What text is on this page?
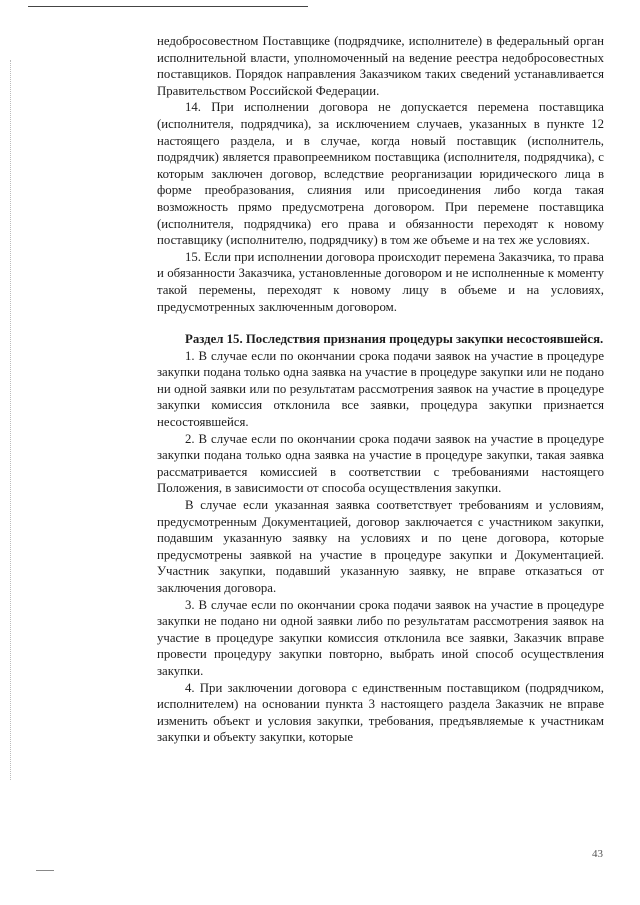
недобросовестном Поставщике (подрядчике, исполнителе) в федеральный орган исполнительной власти, уполномоченный на ведение реестра недобросовестных поставщиков. Порядок направления Заказчиком таких сведений устанавливается Правительством Российской Федерации.

14. При исполнении договора не допускается перемена поставщика (исполнителя, подрядчика), за исключением случаев, указанных в пункте 12 настоящего раздела, и в случае, когда новый поставщик (исполнитель, подрядчик) является правопреемником поставщика (исполнителя, подрядчика), с которым заключен договор, вследствие реорганизации юридического лица в форме преобразования, слияния или присоединения либо когда такая возможность прямо предусмотрена договором. При перемене поставщика (исполнителя, подрядчика) его права и обязанности переходят к новому поставщику (исполнителю, подрядчику) в том же объеме и на тех же условиях.

15. Если при исполнении договора происходит перемена Заказчика, то права и обязанности Заказчика, установленные договором и не исполненные к моменту такой перемены, переходят к новому лицу в объеме и на условиях, предусмотренных заключенным договором.

Раздел 15. Последствия признания процедуры закупки несостоявшейся.

1. В случае если по окончании срока подачи заявок на участие в процедуре закупки подана только одна заявка на участие в процедуре закупки или не подано ни одной заявки или по результатам рассмотрения заявок на участие в процедуре закупки комиссия отклонила все заявки, процедура закупки признается несостоявшейся.

2. В случае если по окончании срока подачи заявок на участие в процедуре закупки подана только одна заявка на участие в процедуре закупки, такая заявка рассматривается комиссией в соответствии с требованиями настоящего Положения, в зависимости от способа осуществления закупки.

В случае если указанная заявка соответствует требованиям и условиям, предусмотренным Документацией, договор заключается с участником закупки, подавшим указанную заявку на условиях и по цене договора, которые предусмотрены заявкой на участие в процедуре закупки и Документацией. Участник закупки, подавший указанную заявку, не вправе отказаться от заключения договора.

3. В случае если по окончании срока подачи заявок на участие в процедуре закупки не подано ни одной заявки либо по результатам рассмотрения заявок на участие в процедуре закупки комиссия отклонила все заявки, Заказчик вправе провести процедуру закупки повторно, выбрать иной способ осуществления закупки.

4. При заключении договора с единственным поставщиком (подрядчиком, исполнителем) на основании пункта 3 настоящего раздела Заказчик не вправе изменить объект и условия закупки, требования, предъявляемые к участникам закупки и объекту закупки, которые

43
